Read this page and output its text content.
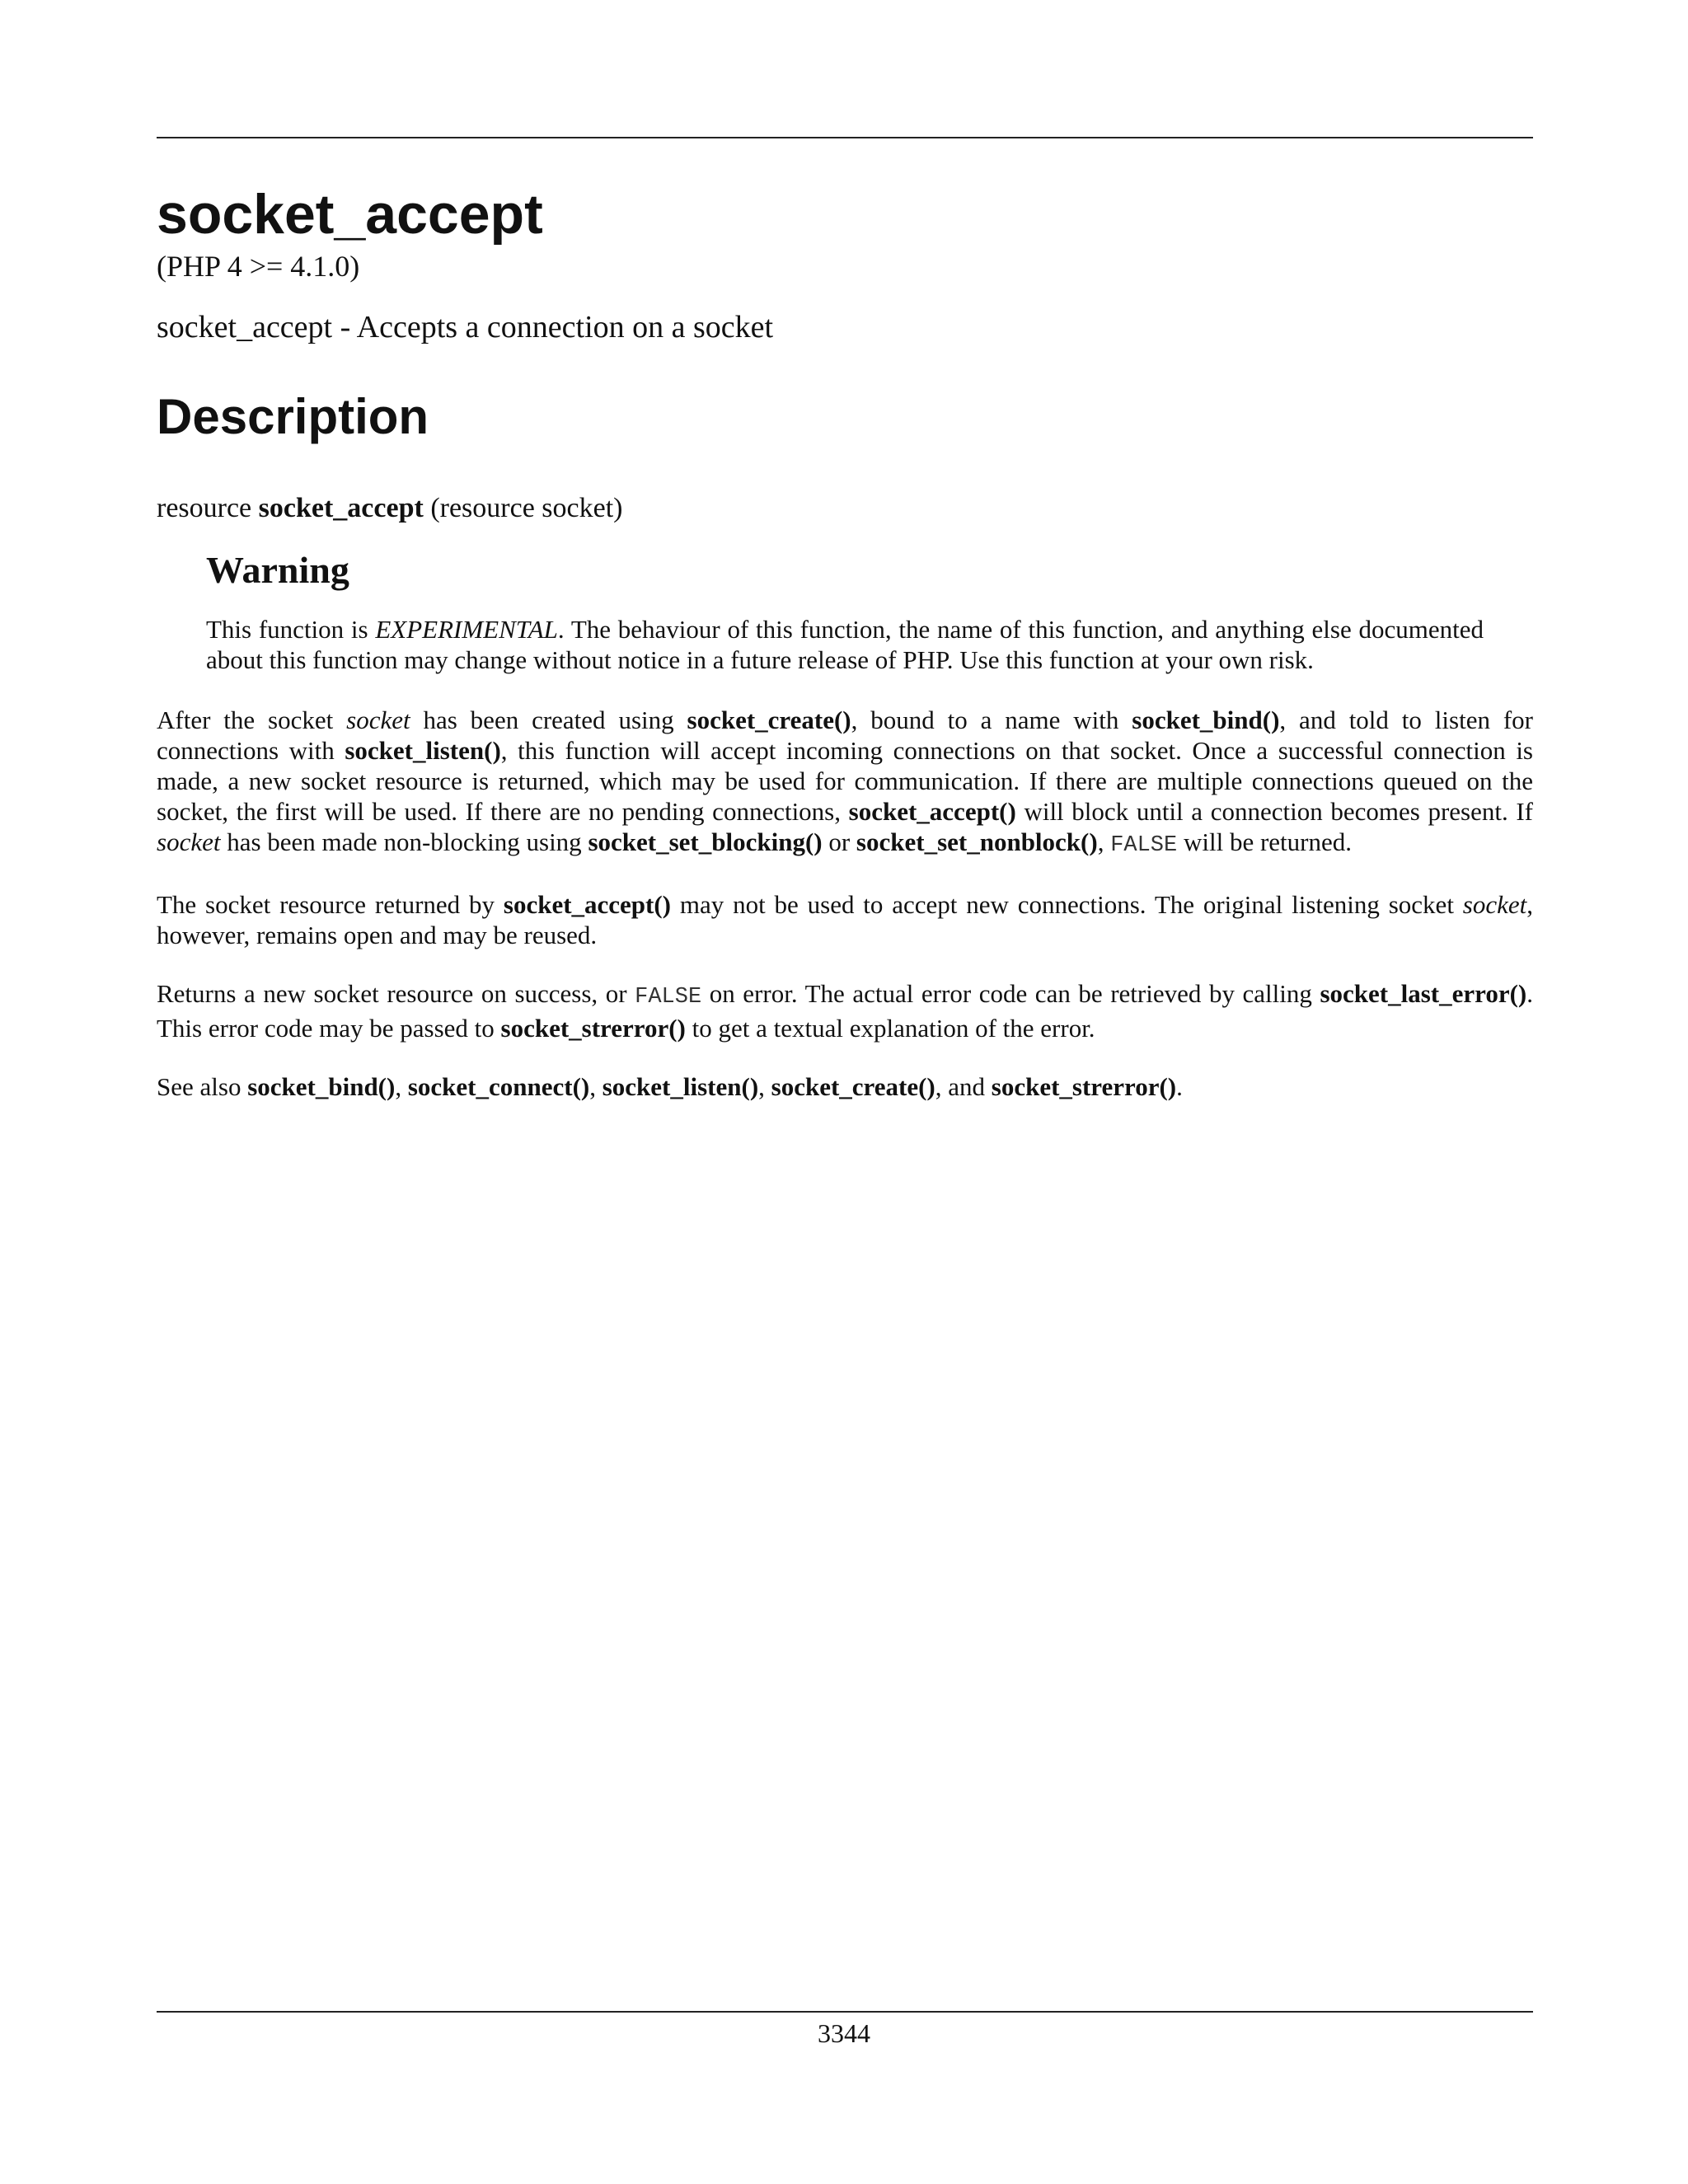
socket_accept
(PHP 4 >= 4.1.0)
socket_accept - Accepts a connection on a socket
Description
resource socket_accept (resource socket)
Warning

This function is EXPERIMENTAL. The behaviour of this function, the name of this function, and anything else documented about this function may change without notice in a future release of PHP. Use this function at your own risk.

After the socket socket has been created using socket_create(), bound to a name with socket_bind(), and told to listen for connections with socket_listen(), this function will accept incoming connections on that socket. Once a successful connection is made, a new socket resource is returned, which may be used for communication. If there are multiple connections queued on the socket, the first will be used. If there are no pending connections, socket_accept() will block until a connection becomes present. If socket has been made non-blocking using socket_set_blocking() or socket_set_nonblock(), FALSE will be returned.

The socket resource returned by socket_accept() may not be used to accept new connections. The original listening socket socket, however, remains open and may be reused.

Returns a new socket resource on success, or FALSE on error. The actual error code can be retrieved by calling socket_last_error(). This error code may be passed to socket_strerror() to get a textual explanation of the error.

See also socket_bind(), socket_connect(), socket_listen(), socket_create(), and socket_strerror().

3344
